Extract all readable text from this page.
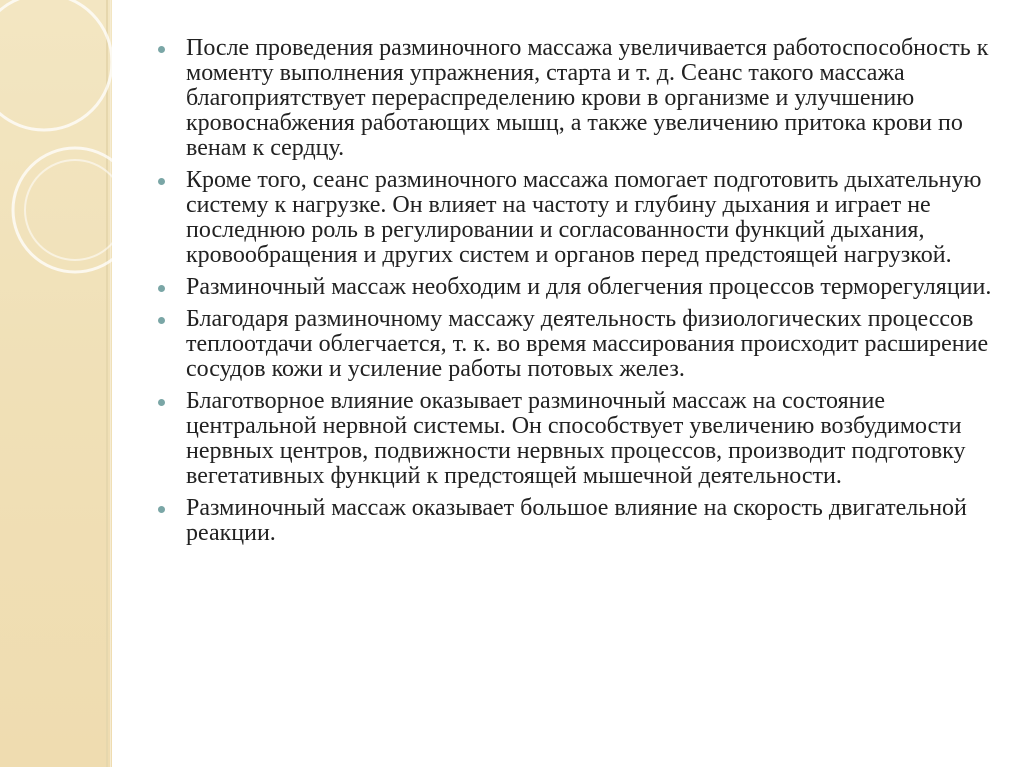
После проведения разминочного массажа увеличивается работоспособность к моменту выполнения упражнения, старта и т. д. Сеанс такого массажа благоприятствует перераспределению крови в организме и улучшению кровоснабжения работающих мышц, а также увеличению притока крови по венам к сердцу.
Кроме того, сеанс разминочного массажа помогает подготовить дыхательную систему к нагрузке. Он влияет на частоту и глубину дыхания и играет не последнюю роль в регулировании и согласованности функций дыхания, кровообращения и других систем и органов перед предстоящей нагрузкой.
Разминочный массаж необходим и для облегчения процессов терморегуляции.
Благодаря разминочному массажу деятельность физиологических процессов теплоотдачи облегчается, т. к. во время массирования происходит расширение сосудов кожи и усиление работы потовых желез.
Благотворное влияние оказывает разминочный массаж на состояние центральной нервной системы. Он способствует увеличению возбудимости нервных центров, подвижности нервных процессов, производит подготовку вегетативных функций к предстоящей мышечной деятельности.
Разминочный массаж оказывает большое влияние на скорость двигательной реакции.
